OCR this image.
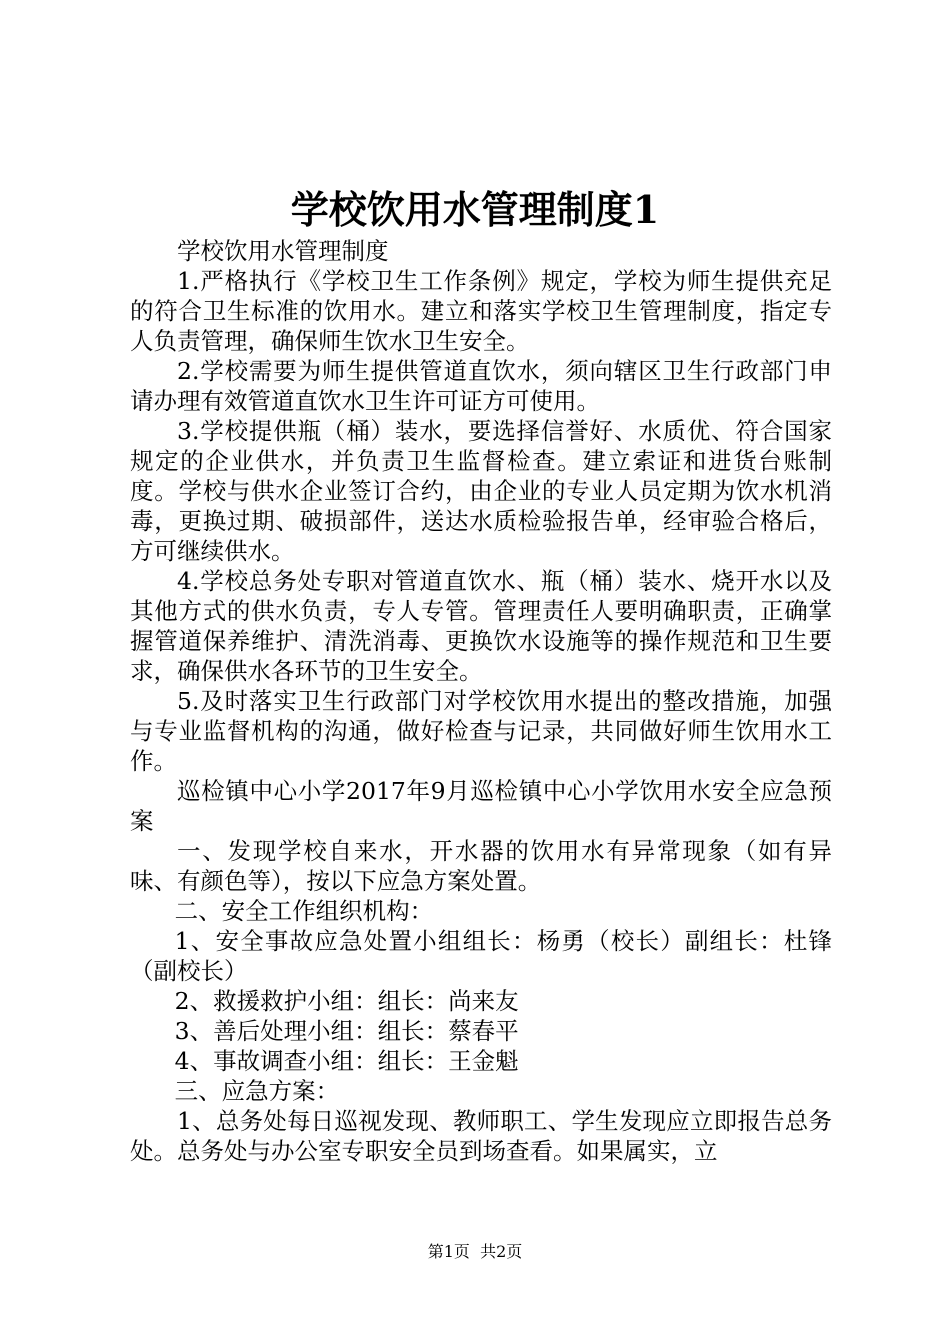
学校饮用水管理制度1

学校饮用水管理制度

1.严格执行《学校卫生工作条例》规定，学校为师生提供充足的符合卫生标准的饮用水。建立和落实学校卫生管理制度，指定专人负责管理，确保师生饮水卫生安全。

2.学校需要为师生提供管道直饮水，须向辖区卫生行政部门申请办理有效管道直饮水卫生许可证方可使用。

3.学校提供瓶（桶）装水，要选择信誉好、水质优、符合国家规定的企业供水，并负责卫生监督检查。建立索证和进货台账制度。学校与供水企业签订合约，由企业的专业人员定期为饮水机消毒，更换过期、破损部件，送达水质检验报告单，经审验合格后，方可继续供水。

4.学校总务处专职对管道直饮水、瓶（桶）装水、烧开水以及其他方式的供水负责，专人专管。管理责任人要明确职责，正确掌握管道保养维护、清洗消毒、更换饮水设施等的操作规范和卫生要求，确保供水各环节的卫生安全。

5.及时落实卫生行政部门对学校饮用水提出的整改措施，加强与专业监督机构的沟通，做好检查与记录，共同做好师生饮用水工作。

巡检镇中心小学2017年9月巡检镇中心小学饮用水安全应急预案

一、发现学校自来水，开水器的饮用水有异常现象（如有异味、有颜色等），按以下应急方案处置。

二、安全工作组织机构：

1、安全事故应急处置小组组长：杨勇（校长）副组长：杜锋（副校长）

2、救援救护小组：组长：尚来友

3、善后处理小组：组长：蔡春平

4、事故调查小组：组长：王金魁

三、应急方案：

1、总务处每日巡视发现、教师职工、学生发现应立即报告总务处。总务处与办公室专职安全员到场查看。如果属实，立

第1页  共2页
